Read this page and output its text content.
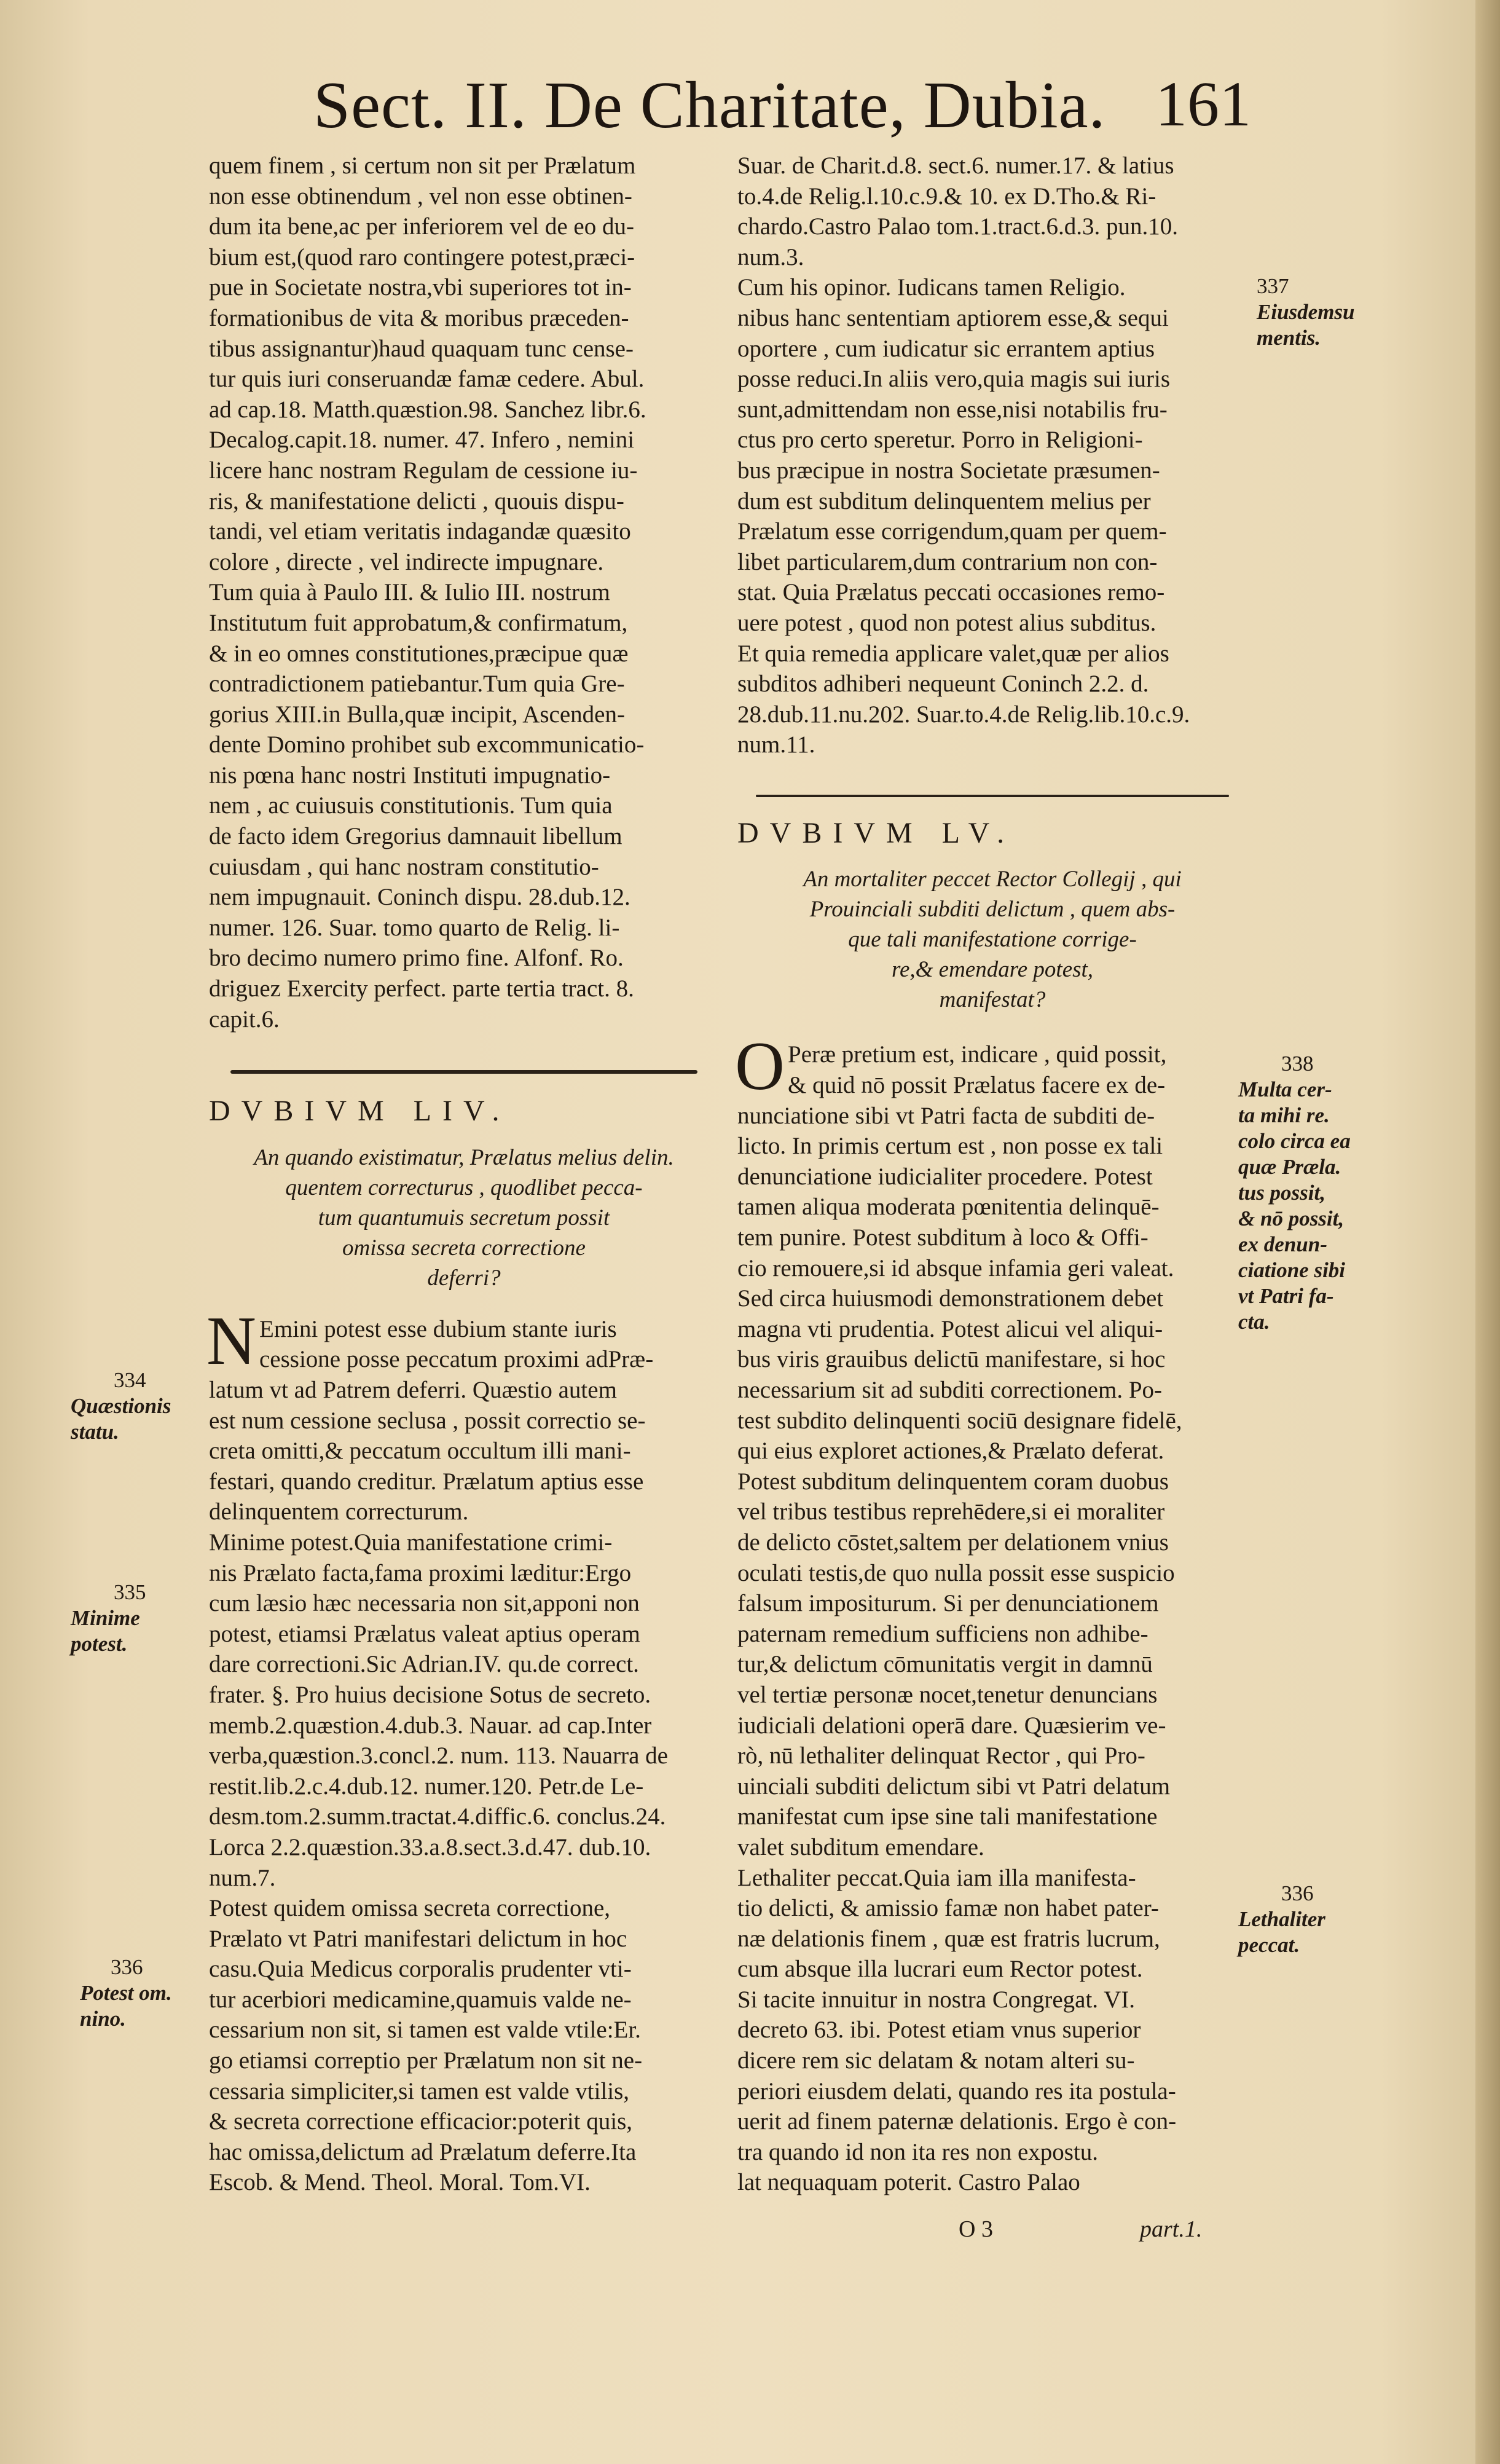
Sect. II. De Charitate, Dubia. 161
quem finem , si certum non sit per Prælatum
non esse obtinendum , vel non esse obtinen-
dum ita bene,ac per inferiorem vel de eo du-
bium est,(quod raro contingere potest,præci-
pue in Societate nostra,vbi superiores tot in-
formationibus de vita & moribus præceden-
tibus assignantur)haud quaquam tunc cense-
tur quis iuri conseruandæ famæ cedere. Abul.
ad cap.18. Matth.quæstion.98. Sanchez libr.6.
Decalog.capit.18. numer. 47. Infero , nemini
licere hanc nostram Regulam de cessione iu-
ris, & manifestatione delicti , quouis dispu-
tandi, vel etiam veritatis indagandæ quæsito
colore , directe , vel indirecte impugnare.
Tum quia à Paulo III. & Iulio III. nostrum
Institutum fuit approbatum,& confirmatum,
& in eo omnes constitutiones,præcipue quæ
contradictionem patiebantur.Tum quia Gre-
gorius XIII.in Bulla,quæ incipit, Ascenden-
dente Domino prohibet sub excommunicatio-
nis pœna hanc nostri Instituti impugnatio-
nem , ac cuiusuis constitutionis. Tum quia
de facto idem Gregorius damnauit libellum
cuiusdam , qui hanc nostram constitutio-
nem impugnauit. Coninch dispu. 28.dub.12.
numer. 126. Suar. tomo quarto de Relig. li-
bro decimo numero primo fine. Alfonf. Ro.
driguez Exercity perfect. parte tertia tract. 8.
capit.6.

DVBIVM LIV.

An quando existimatur, Prælatus melius delin.
quentem correcturus , quodlibet pecca-
tum quantumuis secretum possit
omissa secreta correctione
deferri?
N Emini potest esse dubium stante iuris
cessione posse peccatum proximi adPræ-
latum vt ad Patrem deferri. Quæstio autem
est num cessione seclusa , possit correctio se-
creta omitti,& peccatum occultum illi mani-
festari, quando creditur. Prælatum aptius esse
delinquentem correcturum.
Minime potest.Quia manifestatione crimi-
nis Prælato facta,fama proximi læditur:Ergo
cum læsio hæc necessaria non sit,apponi non
potest, etiamsi Prælatus valeat aptius operam
dare correctioni.Sic Adrian.IV. qu.de correct.
frater. §. Pro huius decisione Sotus de secreto.
memb.2.quæstion.4.dub.3. Nauar. ad cap.Inter
verba,quæstion.3.concl.2. num. 113. Nauarra de
restit.lib.2.c.4.dub.12. numer.120. Petr.de Le-
desm.tom.2.summ.tractat.4.diffic.6. conclus.24.
Lorca 2.2.quæstion.33.a.8.sect.3.d.47. dub.10.
num.7.
Potest quidem omissa secreta correctione,
Prælato vt Patri manifestari delictum in hoc
casu.Quia Medicus corporalis prudenter vti-
tur acerbiori medicamine,quamuis valde ne-
cessarium non sit, si tamen est valde vtile:Er.
go etiamsi correptio per Prælatum non sit ne-
cessaria simpliciter,si tamen est valde vtilis,
& secreta correctione efficacior:poterit quis,
hac omissa,delictum ad Prælatum deferre.Ita
Escob. & Mend. Theol. Moral. Tom.VI.
Suar. de Charit.d.8. sect.6. numer.17. & latius
to.4.de Relig.l.10.c.9.& 10. ex D.Tho.& Ri-
chardo.Castro Palao tom.1.tract.6.d.3. pun.10.
num.3.
Cum his opinor. Iudicans tamen Religio.
nibus hanc sententiam aptiorem esse,& sequi
oportere , cum iudicatur sic errantem aptius
posse reduci.In aliis vero,quia magis sui iuris
sunt,admittendam non esse,nisi notabilis fru-
ctus pro certo speretur. Porro in Religioni-
bus præcipue in nostra Societate præsumen-
dum est subditum delinquentem melius per
Prælatum esse corrigendum,quam per quem-
libet particularem,dum contrarium non con-
stat. Quia Prælatus peccati occasiones remo-
uere potest , quod non potest alius subditus.
Et quia remedia applicare valet,quæ per alios
subditos adhiberi nequeunt Coninch 2.2. d.
28.dub.11.nu.202. Suar.to.4.de Relig.lib.10.c.9.
num.11.

DVBIVM LV.

An mortaliter peccet Rector Collegij , qui
Prouinciali subditi delictum , quem abs-
que tali manifestatione corrige-
re,& emendare potest,
manifestat?
O Peræ pretium est, indicare , quid possit,
& quid nō possit Prælatus facere ex de-
nunciatione sibi vt Patri facta de subditi de-
licto. In primis certum est , non posse ex tali
denunciatione iudicialiter procedere. Potest
tamen aliqua moderata pœnitentia delinquē-
tem punire. Potest subditum à loco & Offi-
cio remouere,si id absque infamia geri valeat.
Sed circa huiusmodi demonstrationem debet
magna vti prudentia. Potest alicui vel aliqui-
bus viris grauibus delictū manifestare, si hoc
necessarium sit ad subditi correctionem. Po-
test subdito delinquenti sociū designare fidelē,
qui eius exploret actiones,& Prælato deferat.
Potest subditum delinquentem coram duobus
vel tribus testibus reprehēdere,si ei moraliter
de delicto cōstet,saltem per delationem vnius
oculati testis,de quo nulla possit esse suspicio
falsum impositurum. Si per denunciationem
paternam remedium sufficiens non adhibe-
tur,& delictum cōmunitatis vergit in damnū
vel tertiæ personæ nocet,tenetur denuncians
iudiciali delationi operā dare. Quæsierim ve-
rò, nū lethaliter delinquat Rector , qui Pro-
uinciali subditi delictum sibi vt Patri delatum
manifestat cum ipse sine tali manifestatione
valet subditum emendare.
Lethaliter peccat.Quia iam illa manifesta-
tio delicti, & amissio famæ non habet pater-
næ delationis finem , quæ est fratris lucrum,
cum absque illa lucrari eum Rector potest.
Si tacite innuitur in nostra Congregat. VI.
decreto 63. ibi. Potest etiam vnus superior
dicere rem sic delatam & notam alteri su-
periori eiusdem delati, quando res ita postula-
uerit ad finem paternæ delationis. Ergo è con-
tra quando id non ita res non expostu.
lat nequaquam poterit. Castro Palao
337
Eiusdemsu
mentis.
338
Multa cer-
ta mihi re.
colo circa ea
quæ Præla.
tus possit,
& nō possit,
ex denun-
ciatione sibi
vt Patri fa-
cta.
334
Quæstionis
statu.
335
Minime
potest.
336
Potest om.
nino.
336
Lethaliter
peccat.
O 3	part.1.
